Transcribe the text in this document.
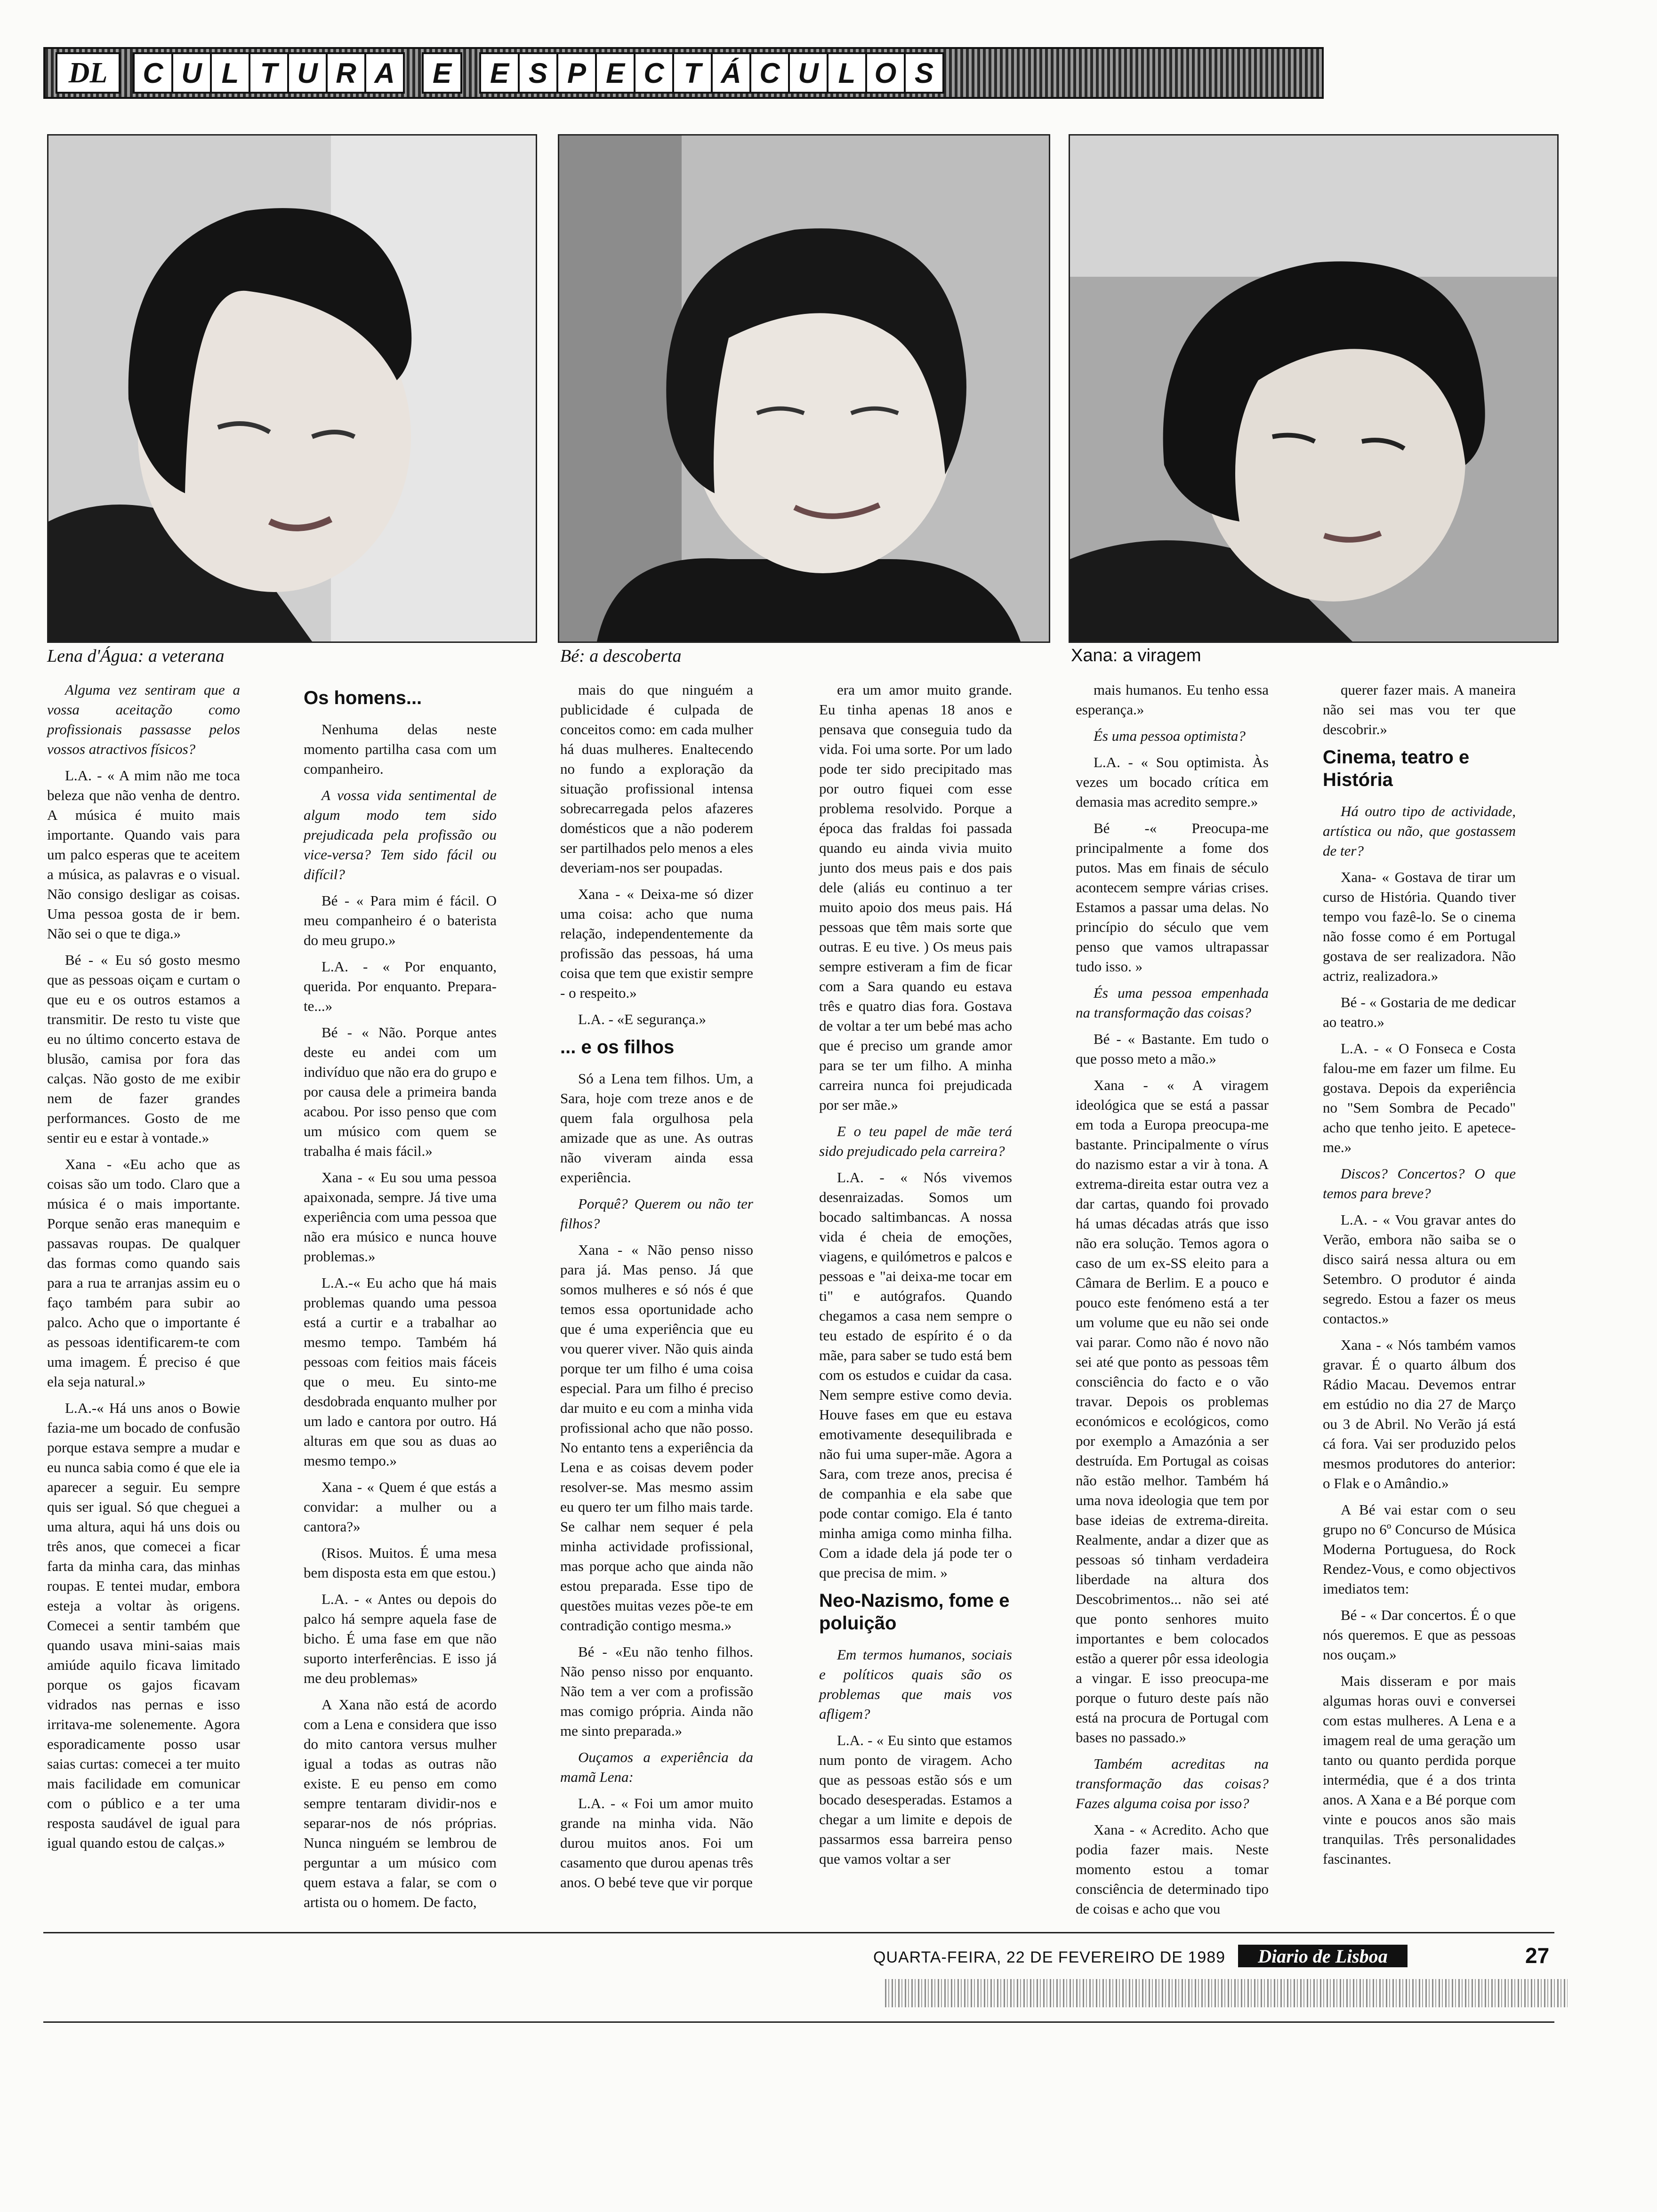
DL	C U L T U R A	E	E S P E C T Á C U L O S
Lena d'Água: a veterana	Bé: a descoberta	Xana: a viragem

Alguma vez sentiram que a vossa aceitação como profissionais passasse pelos vossos atractivos físicos?

L.A. - « A mim não me toca beleza que não venha de dentro. A música é muito mais importante. Quando vais para um palco esperas que te aceitem a música, as palavras e o visual. Não consigo desligar as coisas. Uma pessoa gosta de ir bem. Não sei o que te diga.»

Bé - « Eu só gosto mesmo que as pessoas oiçam e curtam o que eu e os outros estamos a transmitir. De resto tu viste que eu no último concerto estava de blusão, camisa por fora das calças. Não gosto de me exibir nem de fazer grandes performances. Gosto de me sentir eu e estar à vontade.»

Xana - «Eu acho que as coisas são um todo. Claro que a música é o mais importante. Porque senão eras manequim e passavas roupas. De qualquer das formas como quando sais para a rua te arranjas assim eu o faço também para subir ao palco. Acho que o importante é as pessoas identificarem-te com uma imagem. É preciso é que ela seja natural.»

L.A.-« Há uns anos o Bowie fazia-me um bocado de confusão porque estava sempre a mudar e eu nunca sabia como é que ele ia aparecer a seguir. Eu sempre quis ser igual. Só que cheguei a uma altura, aqui há uns dois ou três anos, que comecei a ficar farta da minha cara, das minhas roupas. E tentei mudar, embora esteja a voltar às origens. Comecei a sentir também que quando usava mini-saias mais amiúde aquilo ficava limitado porque os gajos ficavam vidrados nas pernas e isso irritava-me solenemente. Agora esporadicamente posso usar saias curtas: comecei a ter muito mais facilidade em comunicar com o público e a ter uma resposta saudável de igual para igual quando estou de calças.»

Os homens...

Nenhuma delas neste momento partilha casa com um companheiro.

A vossa vida sentimental de algum modo tem sido prejudicada pela profissão ou vice-versa? Tem sido fácil ou difícil?

Bé - « Para mim é fácil. O meu companheiro é o baterista do meu grupo.»

L.A. - « Por enquanto, querida. Por enquanto. Prepara-te...»

Bé - « Não. Porque antes deste eu andei com um indivíduo que não era do grupo e por causa dele a primeira banda acabou. Por isso penso que com um músico com quem se trabalha é mais fácil.»

Xana - « Eu sou uma pessoa apaixonada, sempre. Já tive uma experiência com uma pessoa que não era músico e nunca houve problemas.»

L.A.-« Eu acho que há mais problemas quando uma pessoa está a curtir e a trabalhar ao mesmo tempo. Também há pessoas com feitios mais fáceis que o meu. Eu sinto-me desdobrada enquanto mulher por um lado e cantora por outro. Há alturas em que sou as duas ao mesmo tempo.»

Xana - « Quem é que estás a convidar: a mulher ou a cantora?»

(Risos. Muitos. É uma mesa bem disposta esta em que estou.)

L.A. - « Antes ou depois do palco há sempre aquela fase de bicho. É uma fase em que não suporto interferências. E isso já me deu problemas»

A Xana não está de acordo com a Lena e considera que isso do mito cantora versus mulher igual a todas as outras não existe. E eu penso em como sempre tentaram dividir-nos e separar-nos de nós próprias. Nunca ninguém se lembrou de perguntar a um músico com quem estava a falar, se com o artista ou o homem. De facto,

mais do que ninguém a publicidade é culpada de conceitos como: em cada mulher há duas mulheres. Enaltecendo no fundo a exploração da situação profissional intensa sobrecarregada pelos afazeres domésticos que a não poderem ser partilhados pelo menos a eles deveriam-nos ser poupadas.

Xana - « Deixa-me só dizer uma coisa: acho que numa relação, independentemente da profissão das pessoas, há uma coisa que tem que existir sempre - o respeito.»

L.A. - «E segurança.»

... e os filhos

Só a Lena tem filhos. Um, a Sara, hoje com treze anos e de quem fala orgulhosa pela amizade que as une. As outras não viveram ainda essa experiência.

Porquê? Querem ou não ter filhos?

Xana - « Não penso nisso para já. Mas penso. Já que somos mulheres e só nós é que temos essa oportunidade acho que é uma experiência que eu vou querer viver. Não quis ainda porque ter um filho é uma coisa especial. Para um filho é preciso dar muito e eu com a minha vida profissional acho que não posso. No entanto tens a experiência da Lena e as coisas devem poder resolver-se. Mas mesmo assim eu quero ter um filho mais tarde. Se calhar nem sequer é pela minha actividade profissional, mas porque acho que ainda não estou preparada. Esse tipo de questões muitas vezes põe-te em contradição contigo mesma.»

Bé - «Eu não tenho filhos. Não penso nisso por enquanto. Não tem a ver com a profissão mas comigo própria. Ainda não me sinto preparada.»

Ouçamos a experiência da mamã Lena:

L.A. - « Foi um amor muito grande na minha vida. Não durou muitos anos. Foi um casamento que durou apenas três anos. O bebé teve que vir porque

era um amor muito grande. Eu tinha apenas 18 anos e pensava que conseguia tudo da vida. Foi uma sorte. Por um lado pode ter sido precipitado mas por outro fiquei com esse problema resolvido. Porque a época das fraldas foi passada quando eu ainda vivia muito junto dos meus pais e dos pais dele (aliás eu continuo a ter muito apoio dos meus pais. Há pessoas que têm mais sorte que outras. E eu tive. ) Os meus pais sempre estiveram a fim de ficar com a Sara quando eu estava três e quatro dias fora. Gostava de voltar a ter um bebé mas acho que é preciso um grande amor para se ter um filho. A minha carreira nunca foi prejudicada por ser mãe.»

E o teu papel de mãe terá sido prejudicado pela carreira?

L.A. - « Nós vivemos desenraizadas. Somos um bocado saltimbancas. A nossa vida é cheia de emoções, viagens, e quilómetros e palcos e pessoas e "ai deixa-me tocar em ti" e autógrafos. Quando chegamos a casa nem sempre o teu estado de espírito é o da mãe, para saber se tudo está bem com os estudos e cuidar da casa. Nem sempre estive como devia. Houve fases em que eu estava emotivamente desequilibrada e não fui uma super-mãe. Agora a Sara, com treze anos, precisa é de companhia e ela sabe que pode contar comigo. Ela é tanto minha amiga como minha filha. Com a idade dela já pode ter o que precisa de mim. »

Neo-Nazismo, fome e poluição

Em termos humanos, sociais e políticos quais são os problemas que mais vos afligem?

L.A. - « Eu sinto que estamos num ponto de viragem. Acho que as pessoas estão sós e um bocado desesperadas. Estamos a chegar a um limite e depois de passarmos essa barreira penso que vamos voltar a ser

mais humanos. Eu tenho essa esperança.»

És uma pessoa optimista?

L.A. - « Sou optimista. Às vezes um bocado crítica em demasia mas acredito sempre.»

Bé -« Preocupa-me principalmente a fome dos putos. Mas em finais de século acontecem sempre várias crises. Estamos a passar uma delas. No princípio do século que vem penso que vamos ultrapassar tudo isso. »

És uma pessoa empenhada na transformação das coisas?

Bé - « Bastante. Em tudo o que posso meto a mão.»

Xana - « A viragem ideológica que se está a passar em toda a Europa preocupa-me bastante. Principalmente o vírus do nazismo estar a vir à tona. A extrema-direita estar outra vez a dar cartas, quando foi provado há umas décadas atrás que isso não era solução. Temos agora o caso de um ex-SS eleito para a Câmara de Berlim. E a pouco e pouco este fenómeno está a ter um volume que eu não sei onde vai parar. Como não é novo não sei até que ponto as pessoas têm consciência do facto e o vão travar. Depois os problemas económicos e ecológicos, como por exemplo a Amazónia a ser destruída. Em Portugal as coisas não estão melhor. Também há uma nova ideologia que tem por base ideias de extrema-direita. Realmente, andar a dizer que as pessoas só tinham verdadeira liberdade na altura dos Descobrimentos... não sei até que ponto senhores muito importantes e bem colocados estão a querer pôr essa ideologia a vingar. E isso preocupa-me porque o futuro deste país não está na procura de Portugal com bases no passado.»

Também acreditas na transformação das coisas? Fazes alguma coisa por isso?

Xana - « Acredito. Acho que podia fazer mais. Neste momento estou a tomar consciência de determinado tipo de coisas e acho que vou

querer fazer mais. A maneira não sei mas vou ter que descobrir.»

Cinema, teatro e História

Há outro tipo de actividade, artística ou não, que gostassem de ter?

Xana- « Gostava de tirar um curso de História. Quando tiver tempo vou fazê-lo. Se o cinema não fosse como é em Portugal gostava de ser realizadora. Não actriz, realizadora.»

Bé - « Gostaria de me dedicar ao teatro.»

L.A. - « O Fonseca e Costa falou-me em fazer um filme. Eu gostava. Depois da experiência no "Sem Sombra de Pecado" acho que tenho jeito. E apetece-me.»

Discos? Concertos? O que temos para breve?

L.A. - « Vou gravar antes do Verão, embora não saiba se o disco sairá nessa altura ou em Setembro. O produtor é ainda segredo. Estou a fazer os meus contactos.»

Xana - « Nós também vamos gravar. É o quarto álbum dos Rádio Macau. Devemos entrar em estúdio no dia 27 de Março ou 3 de Abril. No Verão já está cá fora. Vai ser produzido pelos mesmos produtores do anterior: o Flak e o Amândio.»

A Bé vai estar com o seu grupo no 6º Concurso de Música Moderna Portuguesa, do Rock Rendez-Vous, e como objectivos imediatos tem:

Bé - « Dar concertos. É o que nós queremos. E que as pessoas nos ouçam.»

Mais disseram e por mais algumas horas ouvi e conversei com estas mulheres. A Lena e a imagem real de uma geração um tanto ou quanto perdida porque intermédia, que é a dos trinta anos. A Xana e a Bé porque com vinte e poucos anos são mais tranquilas. Três personalidades fascinantes.

QUARTA-FEIRA, 22 DE FEVEREIRO DE 1989	Diario de Lisboa	27
